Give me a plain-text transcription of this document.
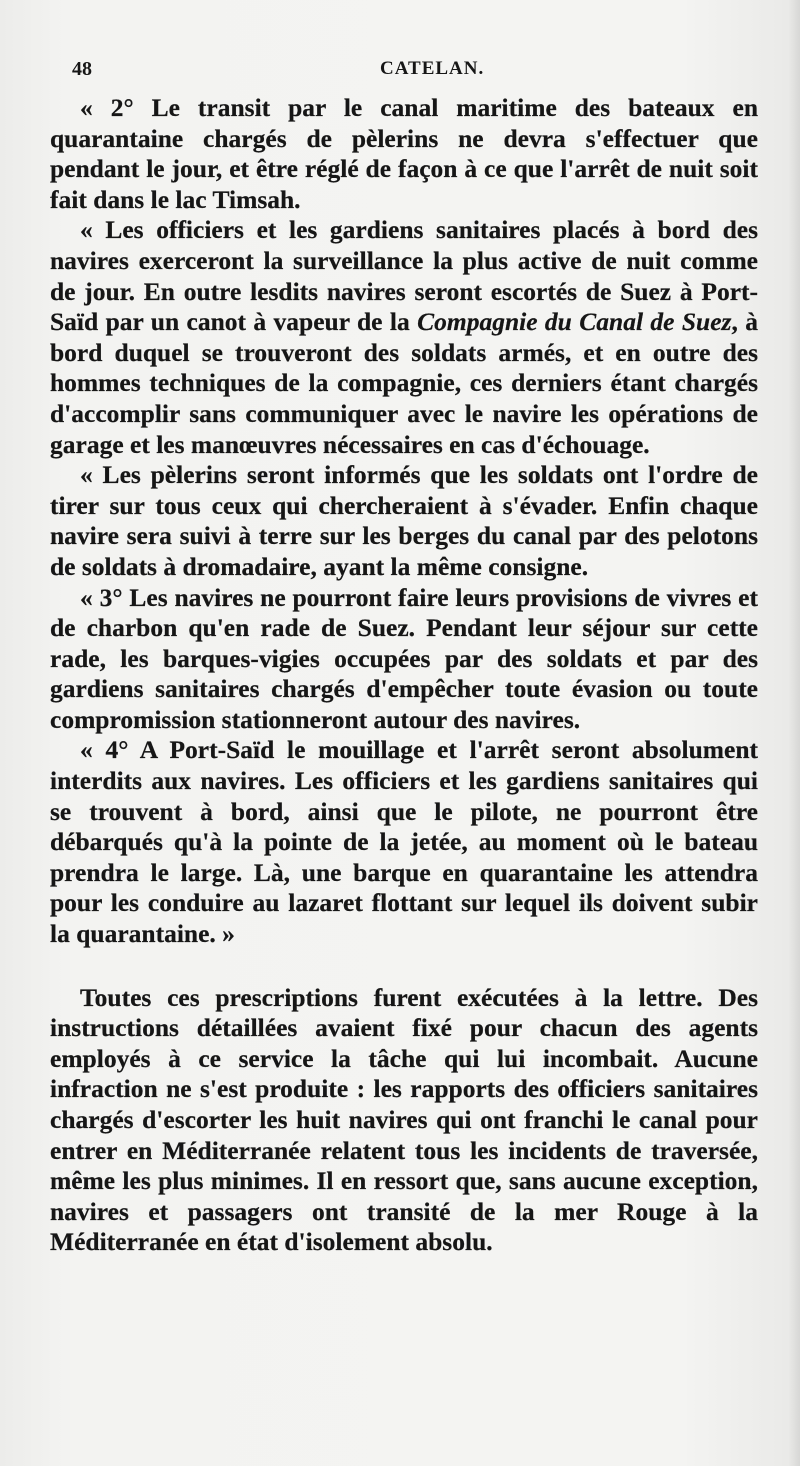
48	CATELAN.

« 2° Le transit par le canal maritime des bateaux en quarantaine chargés de pèlerins ne devra s'effectuer que pendant le jour, et être réglé de façon à ce que l'arrêt de nuit soit fait dans le lac Timsah.

« Les officiers et les gardiens sanitaires placés à bord des navires exerceront la surveillance la plus active de nuit comme de jour. En outre lesdits navires seront escortés de Suez à Port-Saïd par un canot à vapeur de la Compagnie du Canal de Suez, à bord duquel se trouveront des soldats armés, et en outre des hommes techniques de la compagnie, ces derniers étant chargés d'accomplir sans communiquer avec le navire les opérations de garage et les manœuvres nécessaires en cas d'échouage.

« Les pèlerins seront informés que les soldats ont l'ordre de tirer sur tous ceux qui chercheraient à s'évader. Enfin chaque navire sera suivi à terre sur les berges du canal par des pelotons de soldats à dromadaire, ayant la même consigne.

« 3° Les navires ne pourront faire leurs provisions de vivres et de charbon qu'en rade de Suez. Pendant leur séjour sur cette rade, les barques-vigies occupées par des soldats et par des gardiens sanitaires chargés d'empêcher toute évasion ou toute compromission stationneront autour des navires.

« 4° A Port-Saïd le mouillage et l'arrêt seront absolument interdits aux navires. Les officiers et les gardiens sanitaires qui se trouvent à bord, ainsi que le pilote, ne pourront être débarqués qu'à la pointe de la jetée, au moment où le bateau prendra le large. Là, une barque en quarantaine les attendra pour les conduire au lazaret flottant sur lequel ils doivent subir la quarantaine. »

Toutes ces prescriptions furent exécutées à la lettre. Des instructions détaillées avaient fixé pour chacun des agents employés à ce service la tâche qui lui incombait. Aucune infraction ne s'est produite : les rapports des officiers sanitaires chargés d'escorter les huit navires qui ont franchi le canal pour entrer en Méditerranée relatent tous les incidents de traversée, même les plus minimes. Il en ressort que, sans aucune exception, navires et passagers ont transité de la mer Rouge à la Méditerranée en état d'isolement absolu.
